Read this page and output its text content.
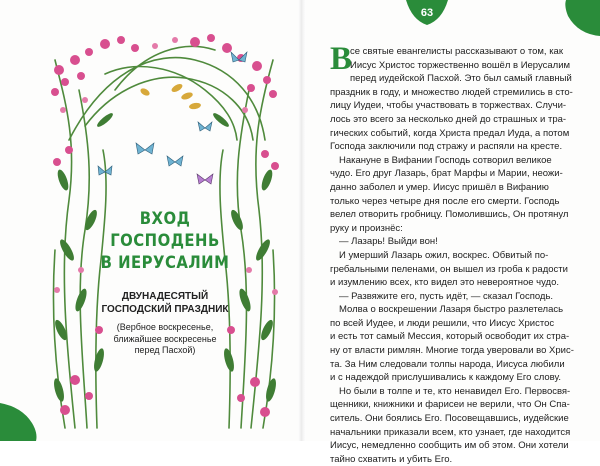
63
ВХОД
ГОСПОДЕНЬ
В ИЕРУСАЛИМ
ДВУНАДЕСЯТЫЙ
ГОСПОДСКИЙ ПРАЗДНИК
(Вербное воскресенье,
ближайшее воскресенье
перед Пасхой)
В
се святые евангелисты рассказывают о том, как
Иисус Христос торжественно вошёл в Иерусалим
перед иудейской Пасхой. Это был самый главный
праздник в году, и множество людей стремились в сто-
лицу Иудеи, чтобы участвовать в торжествах. Случи-
лось это всего за несколько дней до страшных и тра-
гических событий, когда Христа предал Иуда, а потом
Господа заключили под стражу и распяли на кресте.
Накануне в Вифании Господь сотворил великое
чудо. Его друг Лазарь, брат Марфы и Марии, неожи-
данно заболел и умер. Иисус пришёл в Вифанию
только через четыре дня после его смерти. Господь
велел отворить гробницу. Помолившись, Он протянул
руку и произнёс:
— Лазарь! Выйди вон!
И умерший Лазарь ожил, воскрес. Обвитый по-
гребальными пеленами, он вышел из гроба к радости
и изумлению всех, кто видел это невероятное чудо.
— Развяжите его, пусть идёт, — сказал Господь.
Молва о воскрешении Лазаря быстро разлетелась
по всей Иудее, и люди решили, что Иисус Христос
и есть тот самый Мессия, который освободит их стра-
ну от власти римлян. Многие тогда уверовали во Хрис-
та. За Ним следовали толпы народа, Иисуса любили
и с надеждой прислушивались к каждому Его слову.
Но были в толпе и те, кто ненавидел Его. Первосвя-
щенники, книжники и фарисеи не верили, что Он Спа-
ситель. Они боялись Его. Посовещавшись, иудейские
начальники приказали всем, кто узнает, где находится
Иисус, немедленно сообщить им об этом. Они хотели
тайно схватить и убить Его.
